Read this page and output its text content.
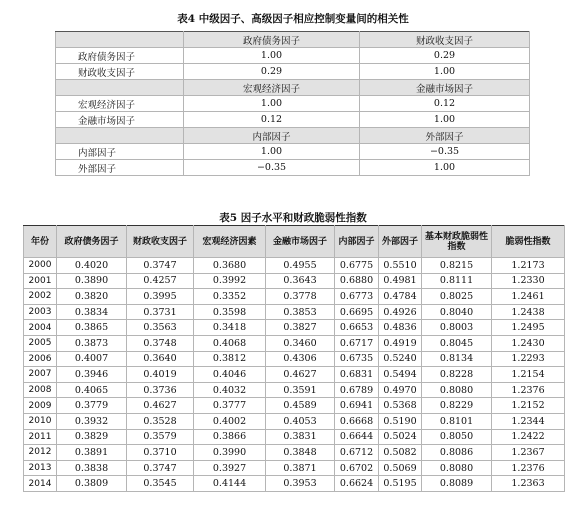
表4 中级因子、高级因子相应控制变量间的相关性
	政府债务因子	财政收支因子
政府债务因子	1.00	0.29
财政收支因子	0.29	1.00
	宏观经济因子	金融市场因子
宏观经济因子	1.00	0.12
金融市场因子	0.12	1.00
	内部因子	外部因子
内部因子	1.00	−0.35
外部因子	−0.35	1.00
表5 因子水平和财政脆弱性指数
年份	政府债务因子	财政收支因子	宏观经济因素	金融市场因子	内部因子	外部因子	基本财政脆弱性指数	脆弱性指数
2000	0.4020	0.3747	0.3680	0.4955	0.6775	0.5510	0.8215	1.2173
2001	0.3890	0.4257	0.3992	0.3643	0.6880	0.4981	0.8111	1.2330
2002	0.3820	0.3995	0.3352	0.3778	0.6773	0.4784	0.8025	1.2461
2003	0.3834	0.3731	0.3598	0.3853	0.6695	0.4926	0.8040	1.2438
2004	0.3865	0.3563	0.3418	0.3827	0.6653	0.4836	0.8003	1.2495
2005	0.3873	0.3748	0.4068	0.3460	0.6717	0.4919	0.8045	1.2430
2006	0.4007	0.3640	0.3812	0.4306	0.6735	0.5240	0.8134	1.2293
2007	0.3946	0.4019	0.4046	0.4627	0.6831	0.5494	0.8228	1.2154
2008	0.4065	0.3736	0.4032	0.3591	0.6789	0.4970	0.8080	1.2376
2009	0.3779	0.4627	0.3777	0.4589	0.6941	0.5368	0.8229	1.2152
2010	0.3932	0.3528	0.4002	0.4053	0.6668	0.5190	0.8101	1.2344
2011	0.3829	0.3579	0.3866	0.3831	0.6644	0.5024	0.8050	1.2422
2012	0.3891	0.3710	0.3990	0.3848	0.6712	0.5082	0.8086	1.2367
2013	0.3838	0.3747	0.3927	0.3871	0.6702	0.5069	0.8080	1.2376
2014	0.3809	0.3545	0.4144	0.3953	0.6624	0.5195	0.8089	1.2363
